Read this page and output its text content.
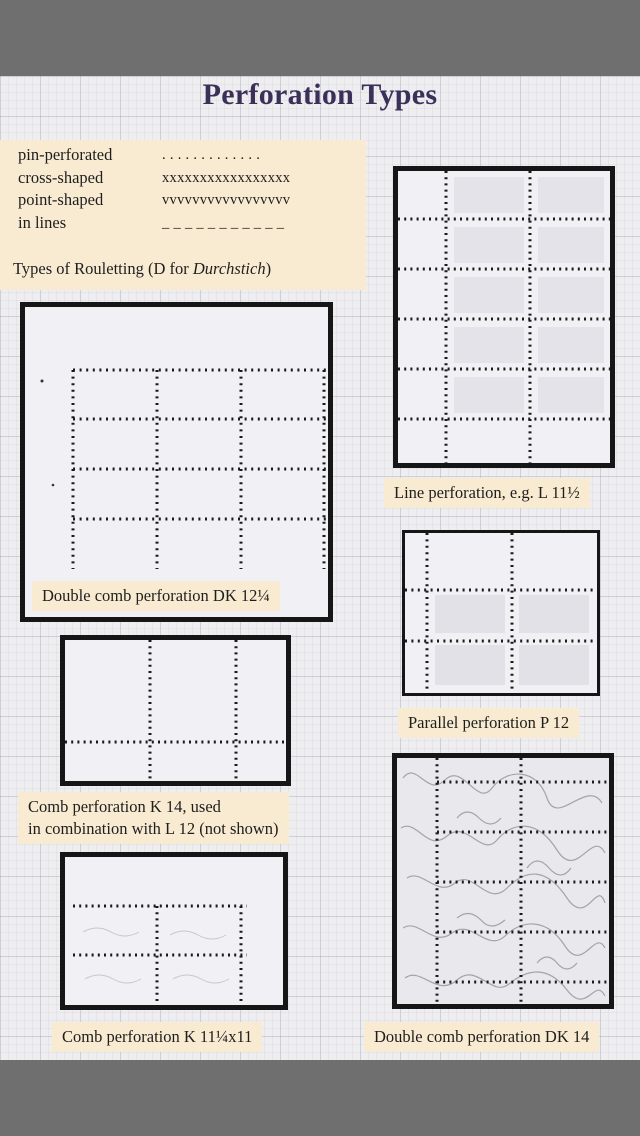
Perforation Types
pin-perforated	. . . . . . . . . . . . .
cross-shaped	xxxxxxxxxxxxxxxxx
point-shaped	vvvvvvvvvvvvvvvvv
in lines	_ _ _ _ _ _ _ _ _ _ _
Types of Rouletting (D for Durchstich)
Line perforation, e.g. L 11½
Double comb perforation DK 12¼
Parallel perforation P 12
Comb perforation K 14, used
in combination with L 12 (not shown)
Double comb perforation DK 14
Comb perforation K 11¼x11
